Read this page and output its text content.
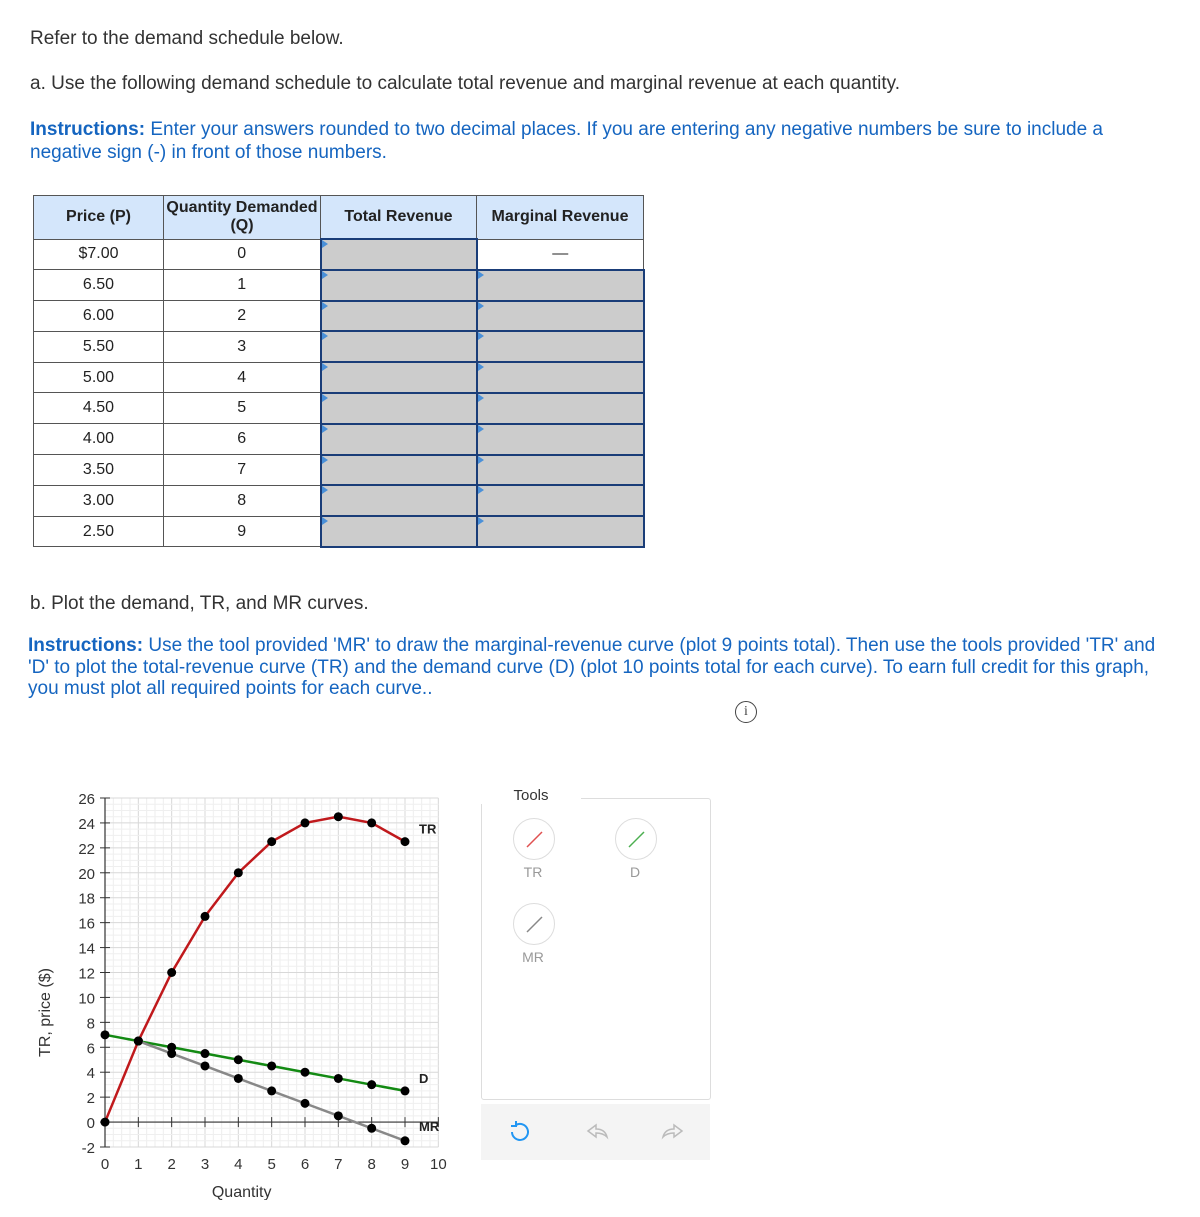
Refer to the demand schedule below.
a. Use the following demand schedule to calculate total revenue and marginal revenue at each quantity.
Instructions: Enter your answers rounded to two decimal places. If you are entering any negative numbers be sure to include a negative sign (-) in front of those numbers.
Price (P)	Quantity Demanded (Q)	Total Revenue	Marginal Revenue
$7.00	0		—
6.50	1		
6.00	2		
5.50	3		
5.00	4		
4.50	5		
4.00	6		
3.50	7		
3.00	8		
2.50	9		
b. Plot the demand, TR, and MR curves.
Instructions: Use the tool provided 'MR' to draw the marginal-revenue curve (plot 9 points total). Then use the tools provided 'TR' and 'D' to plot the total-revenue curve (TR) and the demand curve (D) (plot 10 points total for each curve). To earn full credit for this graph, you must plot all required points for each curve..
i
-2
0
2
4
6
8
10
12
14
16
18
20
22
24
26
0 1 2 3 4 5 6 7 8 9 10
Quantity
TR, price ($)
TR
D
MR
Tools
TR	D
MR
